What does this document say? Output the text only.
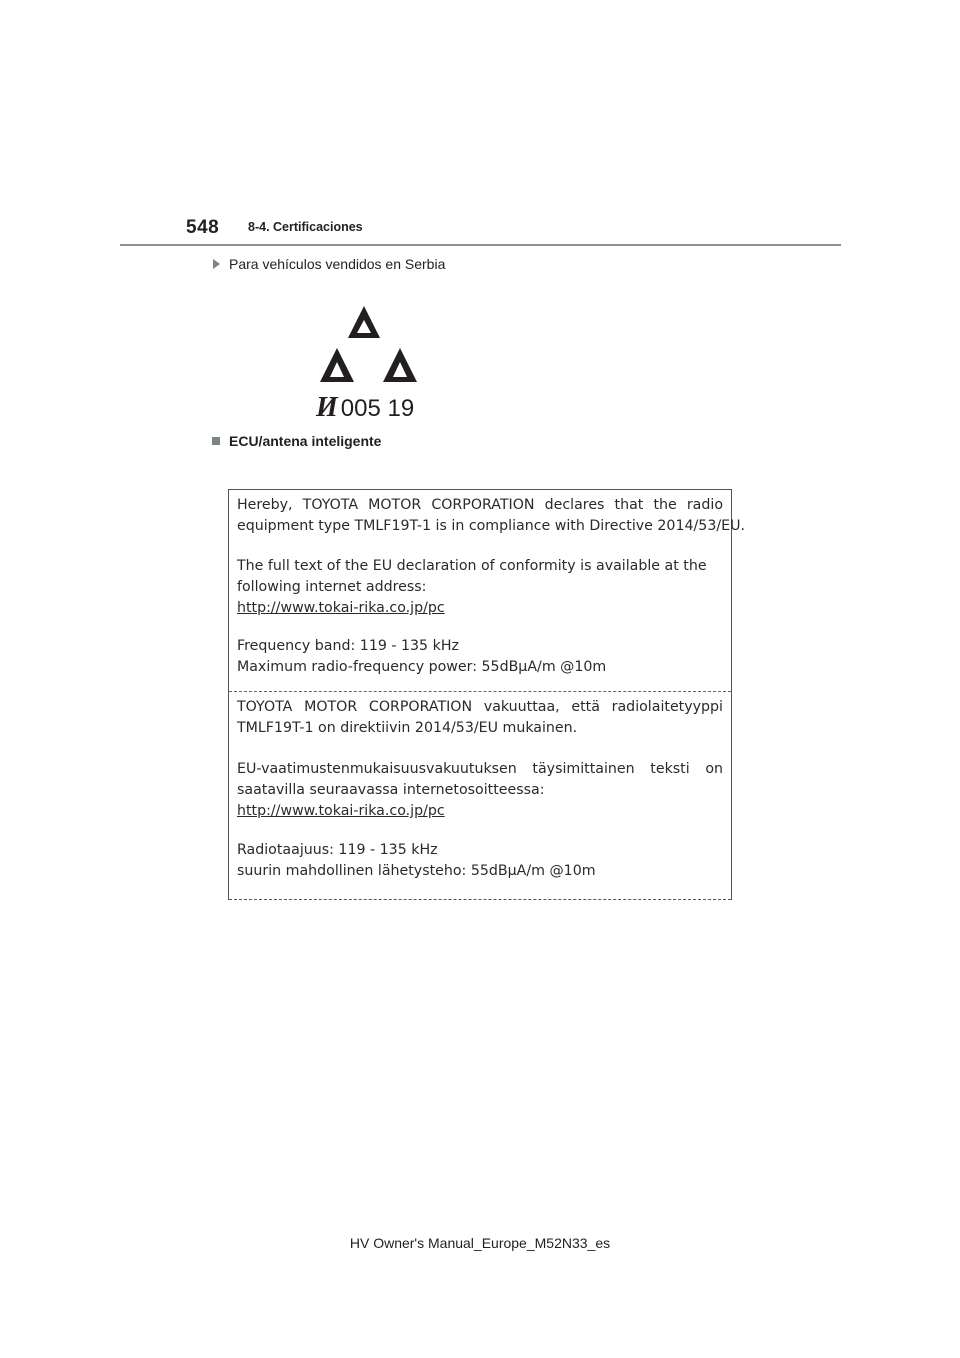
548 8-4. Certificaciones
Para vehículos vendidos en Serbia
И 005 19
ECU/antena inteligente
Hereby, TOYOTA MOTOR CORPORATION declares that the radio
equipment type TMLF19T-1 is in compliance with Directive 2014/53/EU.
The full text of the EU declaration of conformity is available at the
following internet address:
http://www.tokai-rika.co.jp/pc
Frequency band: 119 - 135 kHz
Maximum radio-frequency power: 55dBµA/m @10m
TOYOTA MOTOR CORPORATION vakuuttaa, että radiolaitetyyppi
TMLF19T-1 on direktiivin 2014/53/EU mukainen.
EU-vaatimustenmukaisuusvakuutuksen täysimittainen teksti on
saatavilla seuraavassa internetosoitteessa:
http://www.tokai-rika.co.jp/pc
Radiotaajuus: 119 - 135 kHz
suurin mahdollinen lähetysteho: 55dBµA/m @10m
HV Owner's Manual_Europe_M52N33_es
